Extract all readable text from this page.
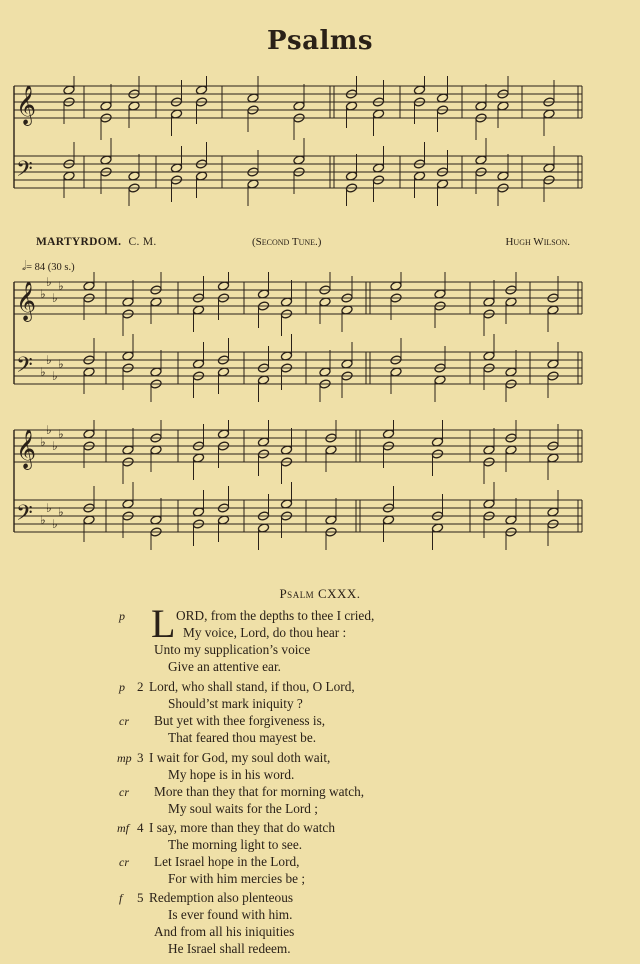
Psalms
𝄞
𝄢
MARTYRDOM. C. M.	(Second Tune.)	Hugh Wilson.
𝅗𝅥= 84 (30 s.)
𝄞
𝄢
♭
♭
♭
♭
♭
♭
♭
♭
𝄞
𝄢
♭
♭
♭
♭
♭
♭
♭
♭
Psalm CXXX.
L
p	ORD, from the depths to thee I cried,
My voice, Lord, do thou hear :
Unto my supplication’s voice
Give an attentive ear.
p 2 Lord, who shall stand, if thou, O Lord,
Should’st mark iniquity ?
cr But yet with thee forgiveness is,
That feared thou mayest be.
mp 3 I wait for God, my soul doth wait,
My hope is in his word.
cr More than they that for morning watch,
My soul waits for the Lord ;
mf 4 I say, more than they that do watch
The morning light to see.
cr Let Israel hope in the Lord,
For with him mercies be ;
f 5 Redemption also plenteous
Is ever found with him.
And from all his iniquities
He Israel shall redeem.
